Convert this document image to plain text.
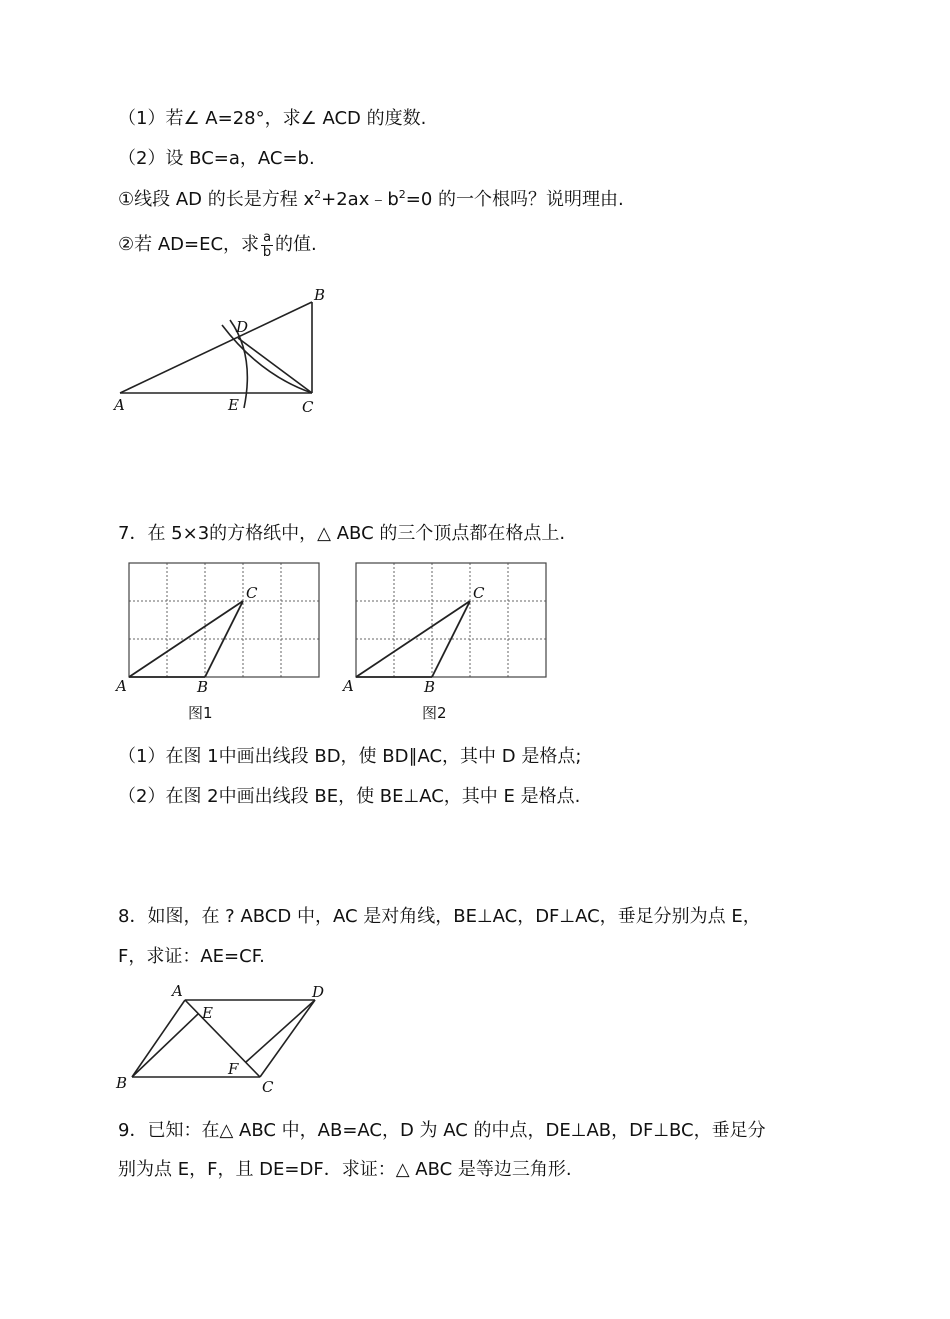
（1）若∠ A=28°，求∠ ACD 的度数.
（2）设 BC=a，AC=b.
①线段 AD 的长是方程 $x^2+2ax﹣b^2=0$ 的一个根吗？说明理由.
②若 AD=EC，求 $\frac{a}{b}$ 的值.
A
B
C
D
E
7．在 5×3的方格纸中，△ ABC 的三个顶点都在格点上.
A	B
C
图1
A	B
C
图2
（1）在图 1中画出线段 BD，使 BD∥AC，其中 D 是格点;
（2）在图 2中画出线段 BE，使 BE⊥AC，其中 E 是格点.
8．如图，在 ? ABCD 中，AC 是对角线，BE⊥AC，DF⊥AC，垂足分别为点 E，
F，求证：AE=CF.
A
E
D
B
F
C
9．已知：在△ ABC 中，AB=AC，D 为 AC 的中点，DE⊥AB，DF⊥BC，垂足分
别为点 E，F，且 DE=DF．求证：△ ABC 是等边三角形.
